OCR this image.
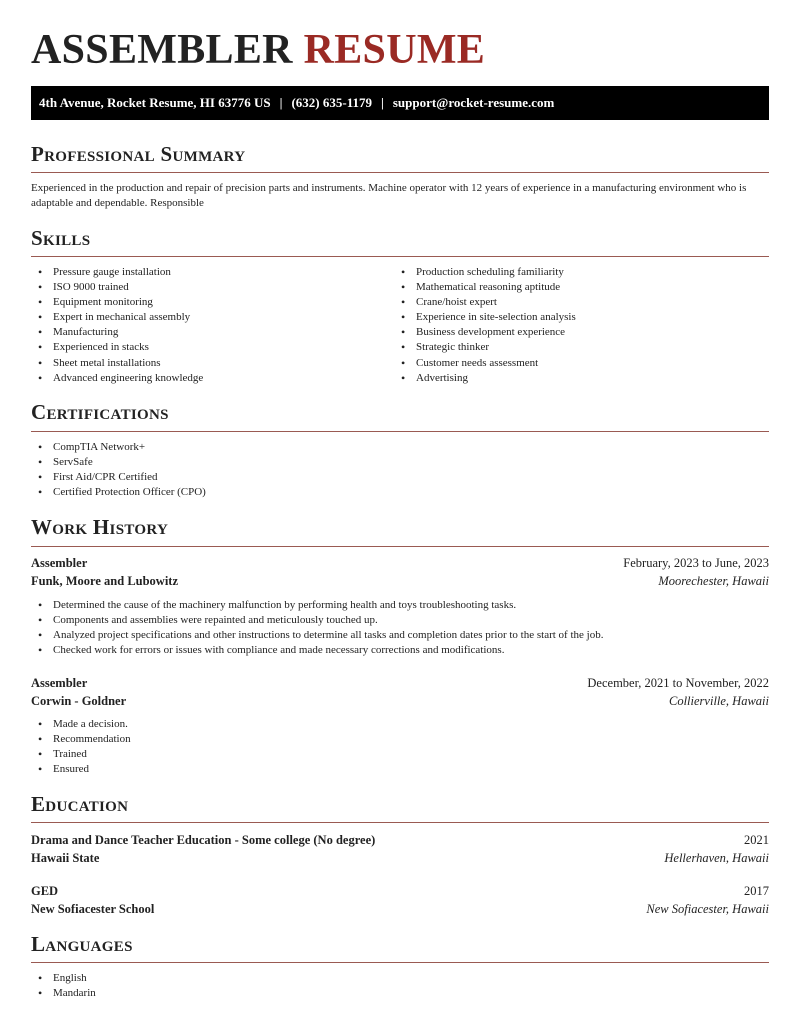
ASSEMBLER RESUME
4th Avenue, Rocket Resume, HI 63776 US | (632) 635-1179 | support@rocket-resume.com
Professional Summary
Experienced in the production and repair of precision parts and instruments. Machine operator with 12 years of experience in a manufacturing environment who is adaptable and dependable. Responsible
Skills
• Pressure gauge installation
• ISO 9000 trained
• Equipment monitoring
• Expert in mechanical assembly
• Manufacturing
• Experienced in stacks
• Sheet metal installations
• Advanced engineering knowledge
• Production scheduling familiarity
• Mathematical reasoning aptitude
• Crane/hoist expert
• Experience in site-selection analysis
• Business development experience
• Strategic thinker
• Customer needs assessment
• Advertising
Certifications
• CompTIA Network+
• ServSafe
• First Aid/CPR Certified
• Certified Protection Officer (CPO)
Work History
Assembler	February, 2023 to June, 2023
Funk, Moore and Lubowitz	Moorechester, Hawaii
• Determined the cause of the machinery malfunction by performing health and toys troubleshooting tasks.
• Components and assemblies were repainted and meticulously touched up.
• Analyzed project specifications and other instructions to determine all tasks and completion dates prior to the start of the job.
• Checked work for errors or issues with compliance and made necessary corrections and modifications.
Assembler	December, 2021 to November, 2022
Corwin - Goldner	Collierville, Hawaii
• Made a decision.
• Recommendation
• Trained
• Ensured
Education
Drama and Dance Teacher Education - Some college (No degree)	2021
Hawaii State	Hellerhaven, Hawaii
GED	2017
New Sofiacester School	New Sofiacester, Hawaii
Languages
• English
• Mandarin
